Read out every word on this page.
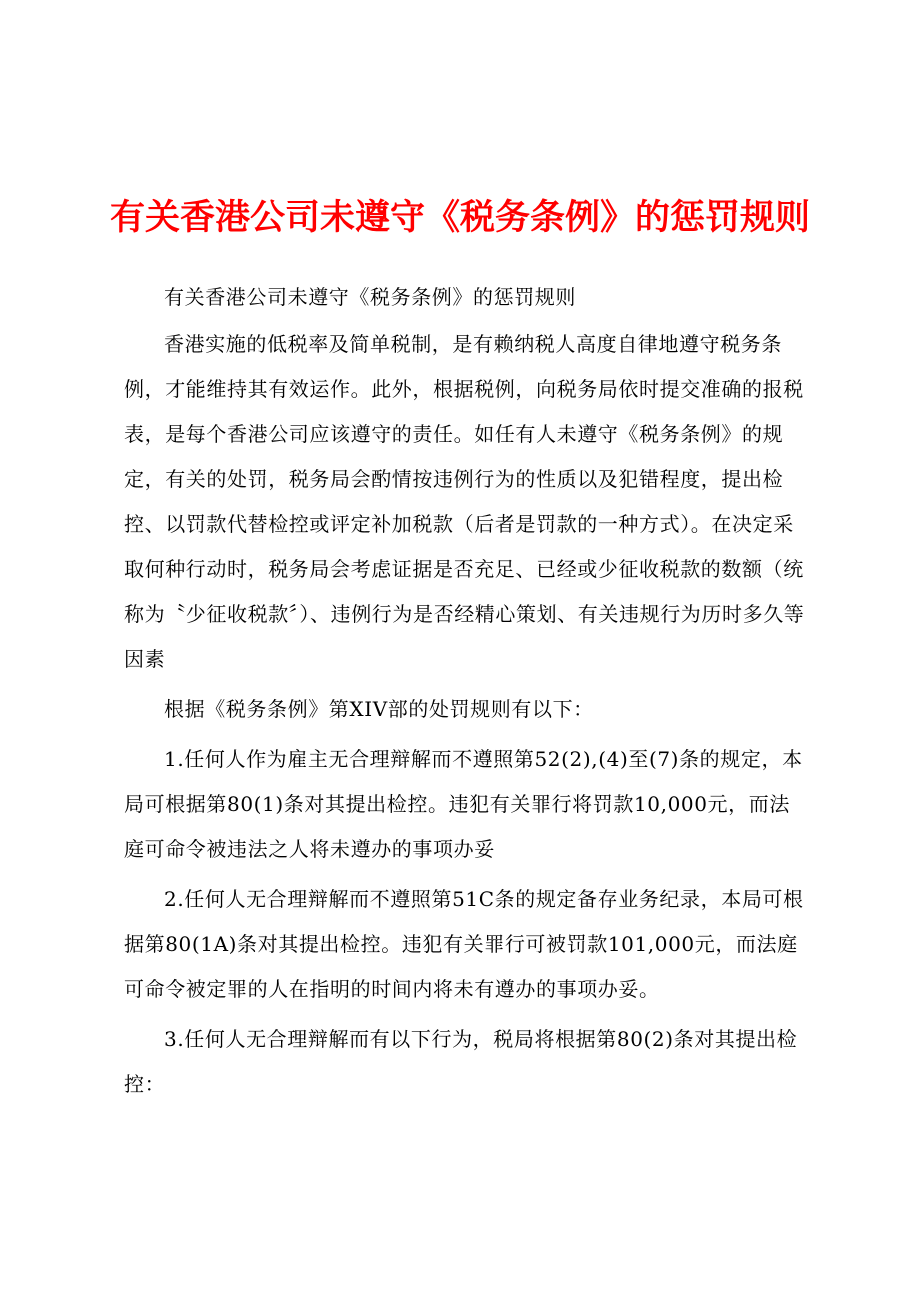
有关香港公司未遵守《税务条例》的惩罚规则

有关香港公司未遵守《税务条例》的惩罚规则

香港实施的低税率及简单税制，是有赖纳税人高度自律地遵守税务条例，才能维持其有效运作。此外，根据税例，向税务局依时提交准确的报税表，是每个香港公司应该遵守的责任。如任有人未遵守《税务条例》的规定，有关的处罚，税务局会酌情按违例行为的性质以及犯错程度，提出检控、以罚款代替检控或评定补加税款（后者是罚款的一种方式）。在决定采取何种行动时，税务局会考虑证据是否充足、已经或少征收税款的数额（统称为〝少征收税款〞）、违例行为是否经精心策划、有关违规行为历时多久等因素

根据《税务条例》第XIV部的处罚规则有以下：

1.任何人作为雇主无合理辩解而不遵照第52(2),(4)至(7)条的规定，本局可根据第80(1)条对其提出检控。违犯有关罪行将罚款10,000元，而法庭可命令被违法之人将未遵办的事项办妥

2.任何人无合理辩解而不遵照第51C条的规定备存业务纪录，本局可根据第80(1A)条对其提出检控。违犯有关罪行可被罚款101,000元，而法庭可命令被定罪的人在指明的时间内将未有遵办的事项办妥。

3.任何人无合理辩解而有以下行为，税局将根据第80(2)条对其提出检控：
